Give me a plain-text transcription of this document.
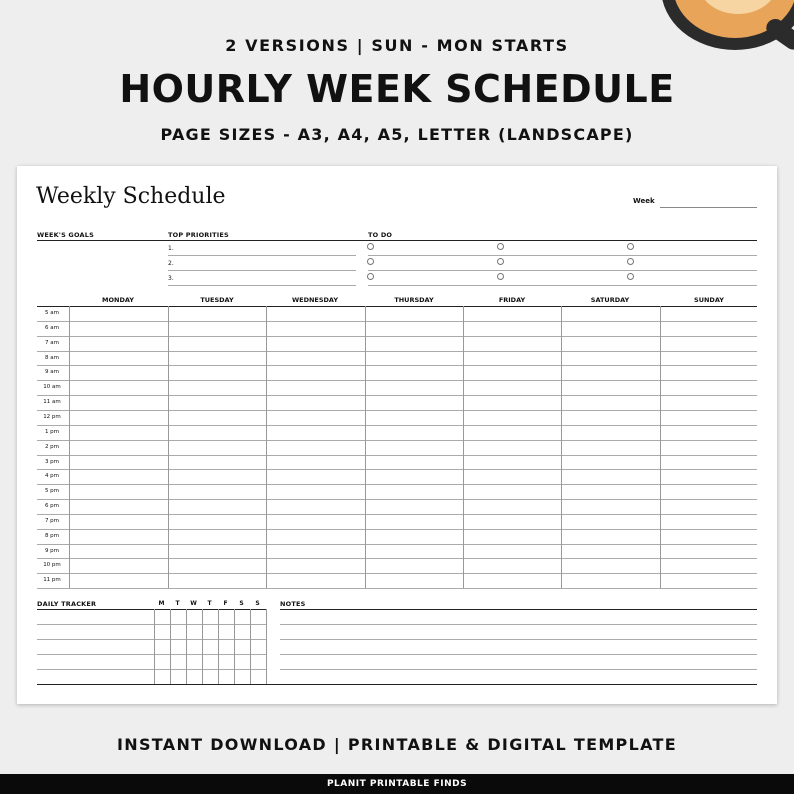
2 VERSIONS | SUN - MON STARTS
HOURLY WEEK SCHEDULE
PAGE SIZES - A3, A4, A5, LETTER (LANDSCAPE)
Weekly Schedule	Week
WEEK'S GOALS	TOP PRIORITIES	TO DO
1.
2.
3.
MONDAY	TUESDAY	WEDNESDAY	THURSDAY	FRIDAY	SATURDAY	SUNDAY
DAILY TRACKER	NOTES
M	T	W	T	F	S	S
5 am
6 am
7 am
8 am
9 am
10 am
11 am
12 pm
1 pm
2 pm
3 pm
4 pm
5 pm
6 pm
7 pm
8 pm
9 pm
10 pm
11 pm
INSTANT DOWNLOAD | PRINTABLE & DIGITAL TEMPLATE
PLANIT PRINTABLE FINDS
